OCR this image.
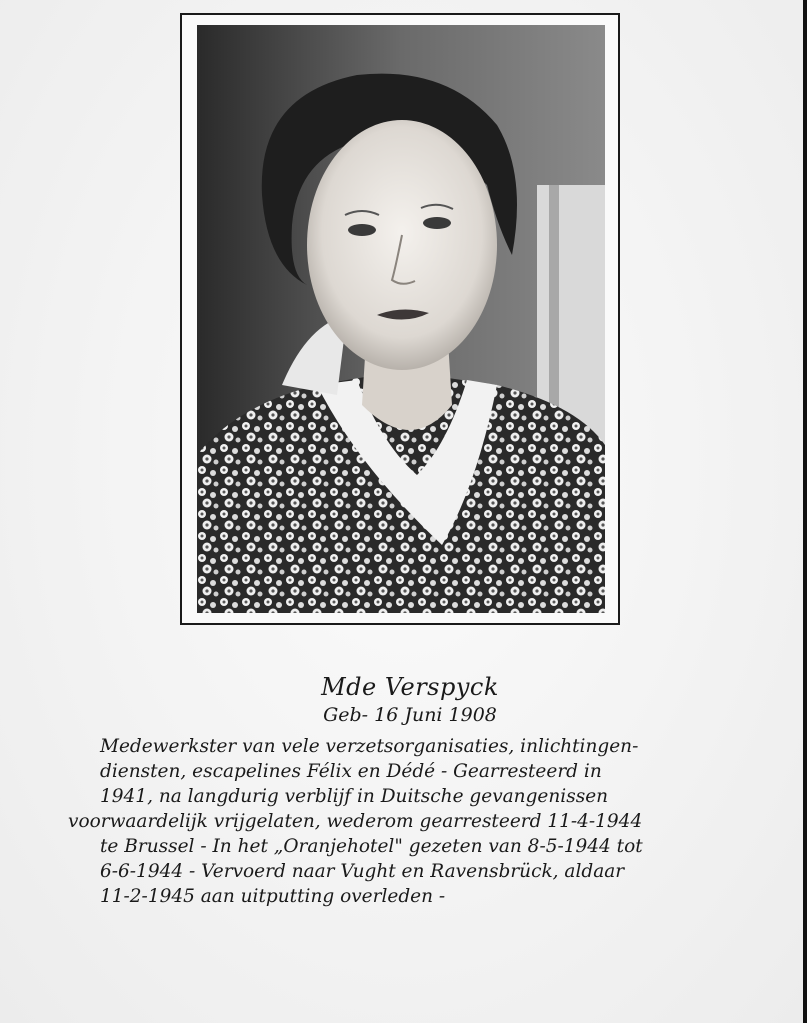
Mde Verspyck

Geb- 16 Juni 1908

Medewerkster van vele verzetsorganisaties, inlichtingen-

diensten, escapelines Félix en Dédé - Gearresteerd in

1941, na langdurig verblijf in Duitsche gevangenissen

voorwaardelijk vrijgelaten, wederom gearresteerd 11-4-1944

te Brussel - In het „Oranjehotel" gezeten van 8-5-1944 tot

6-6-1944 - Vervoerd naar Vught en Ravensbrück, aldaar

11-2-1945 aan uitputting overleden -
